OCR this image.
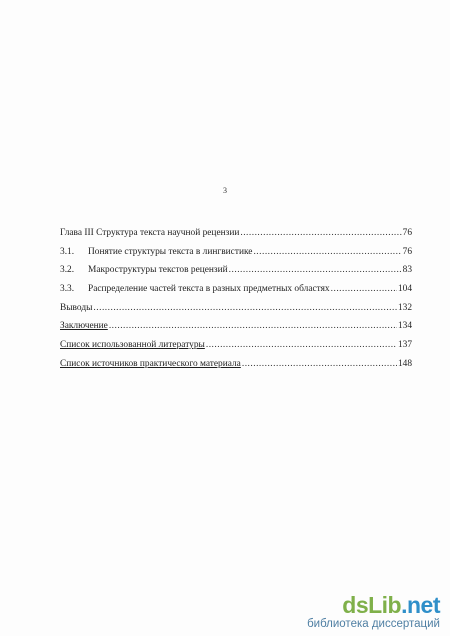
3
Глава III Структура текста научной рецензии .....	76
3.1.	Понятие структуры текста в лингвистике .....	76
3.2.	Макроструктуры текстов рецензий .....	83
3.3.	Распределение частей текста в разных предметных областях .....	104
Выводы .....	132
Заключение .....	134
Список использованной литературы .....	137
Список источников практического материала .....	148
dsLib.net
библиотека диссертаций
